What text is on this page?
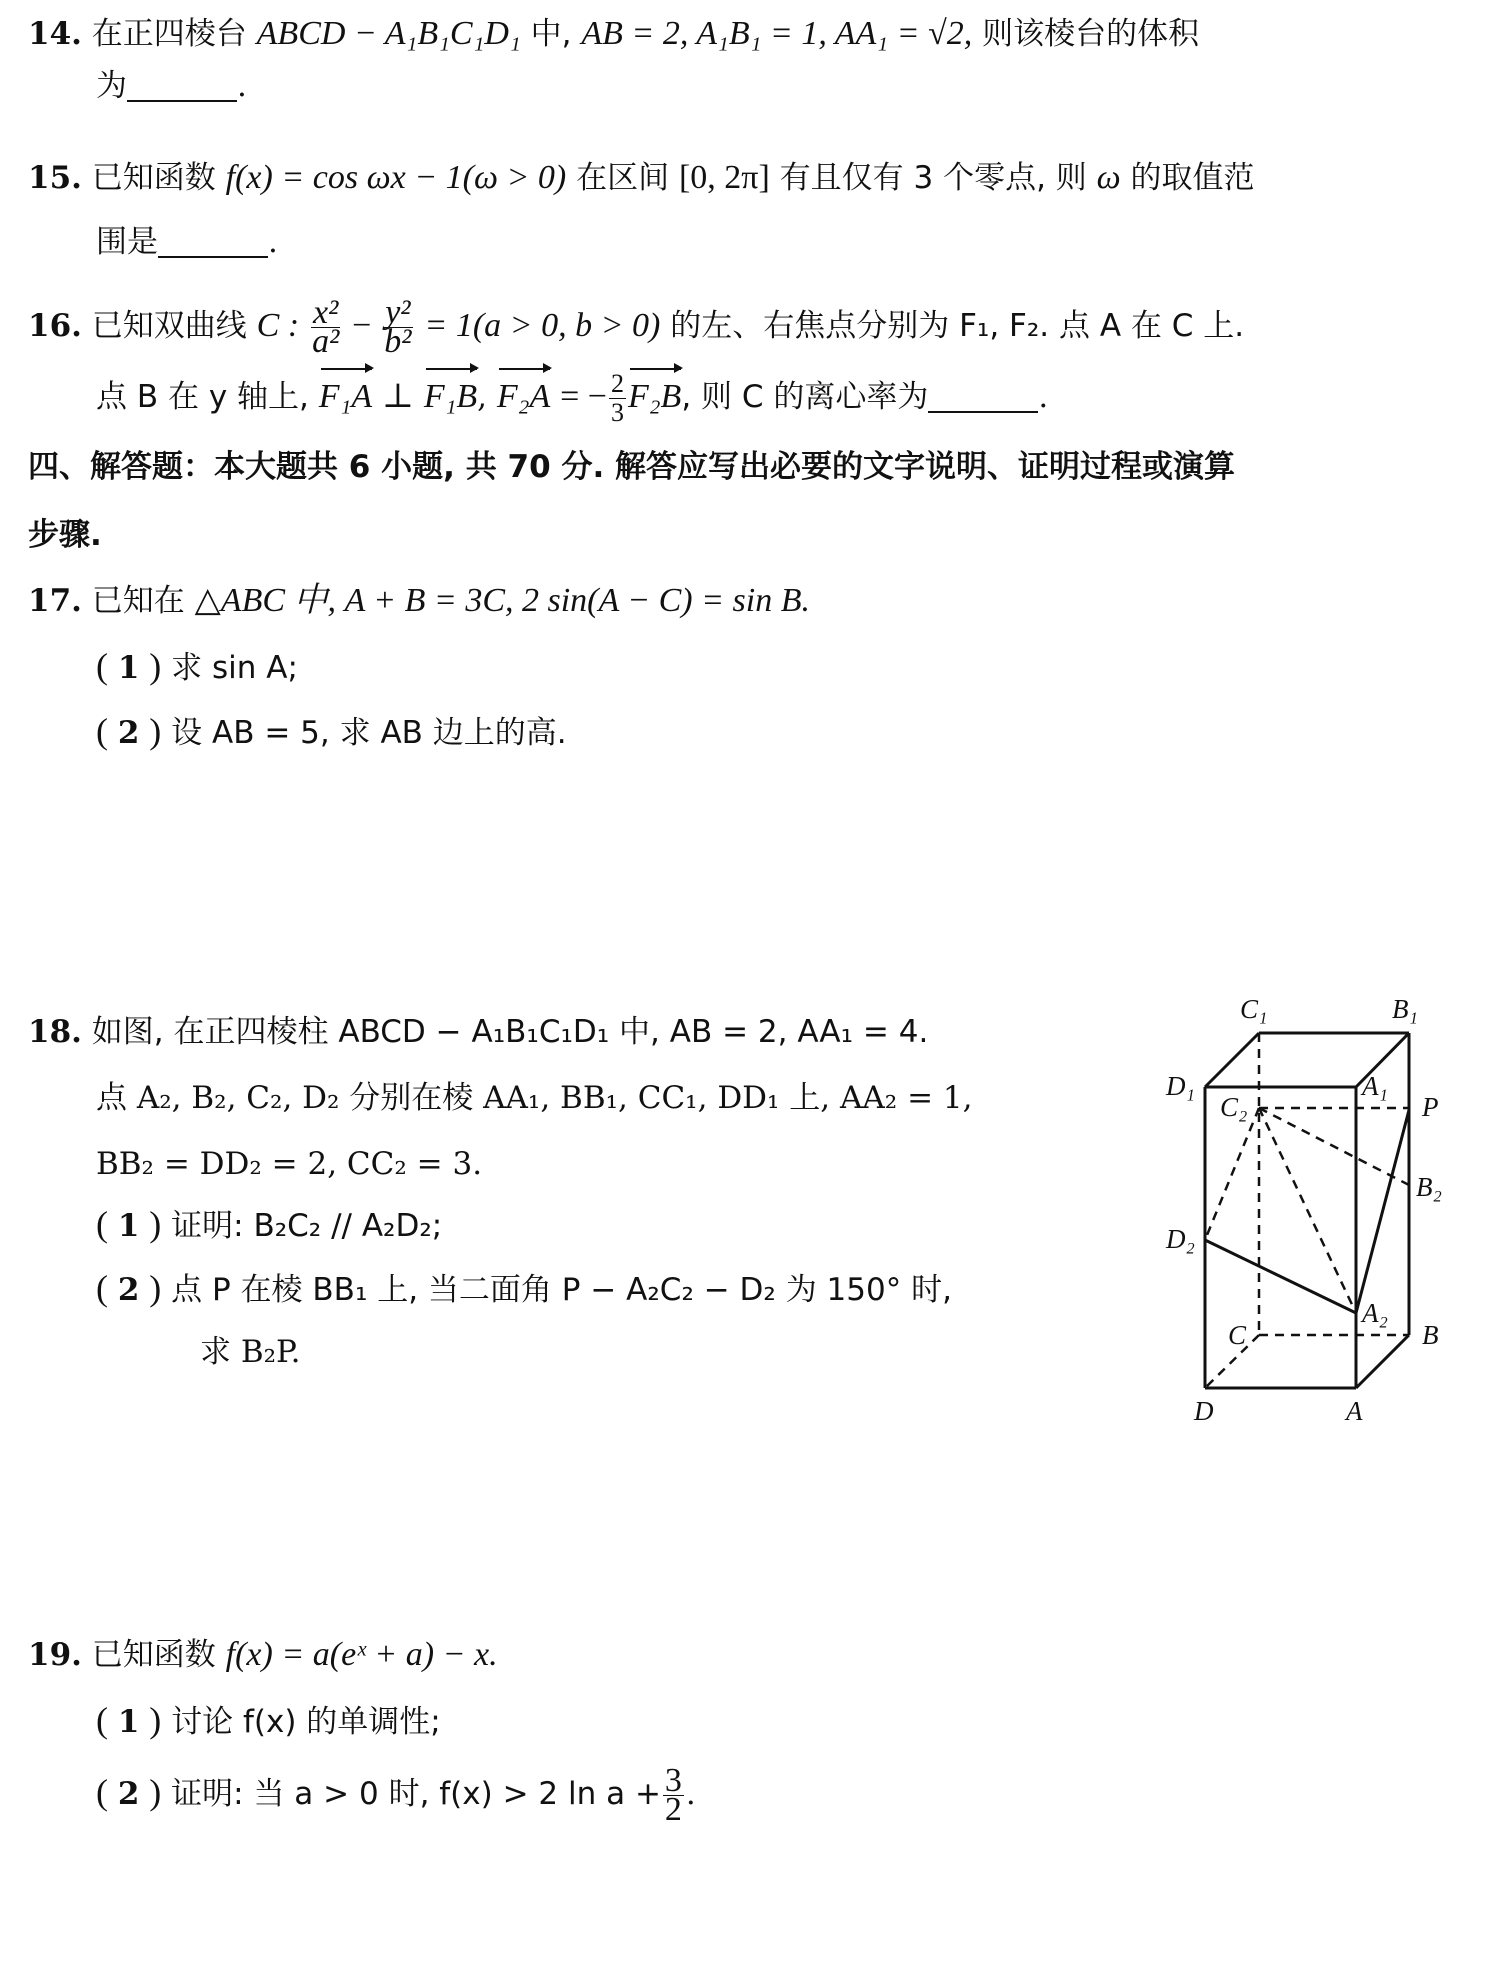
14. 在正四棱台 ABCD − A₁B₁C₁D₁ 中, AB = 2, A₁B₁ = 1, AA₁ = √2, 则该棱台的体积
为	.
15. 已知函数 f(x) = cos ωx − 1(ω > 0) 在区间 [0, 2π] 有且仅有 3 个零点, 则 ω 的取值范
围是	.
16. 已知双曲线 C : $\frac{\text{x²}}{\text{a²}} - \frac{\text{y²}}{\text{b²}} = 1(a > 0$, b > 0) 的左、右焦点分别为 F₁, F₂. 点 A 在 C 上.
点 B 在 y 轴上, F₁A ⊥ F₁B, F₂A = − $\frac{2}{3} F_2B$, 则 C 的离心率为	.
四、解答题：本大题共 6 小题, 共 70 分. 解答应写出必要的文字说明、证明过程或演算
步骤.
17. 已知在 △ABC 中, A + B = 3C, 2 sin(A − C) = sin B.
( 1 ) 求 sin A;
( 2 ) 设 AB = 5, 求 AB 边上的高.
18. 如图, 在正四棱柱 ABCD − A₁B₁C₁D₁ 中, AB = 2, AA₁ = 4.
点 A₂, B₂, C₂, D₂ 分别在棱 AA₁, BB₁, CC₁, DD₁ 上, AA₂ = 1,
BB₂ = DD₂ = 2, CC₂ = 3.
( 1 ) 证明: B₂C₂ // A₂D₂;
( 2 ) 点 P 在棱 BB₁ 上, 当二面角 P − A₂C₂ − D₂ 为 150° 时,
求 B₂P.
C₁	B₁
D₁	A₁
C₂	P
B₂
D₂
A₂
C	B
D	A
19. 已知函数 f(x) = a(eˣ + a) − x.
( 1 ) 讨论 f(x) 的单调性;
( 2 ) 证明: 当 a > 0 时, f(x) > 2 $\ln a + \frac{3}{2}$ .
